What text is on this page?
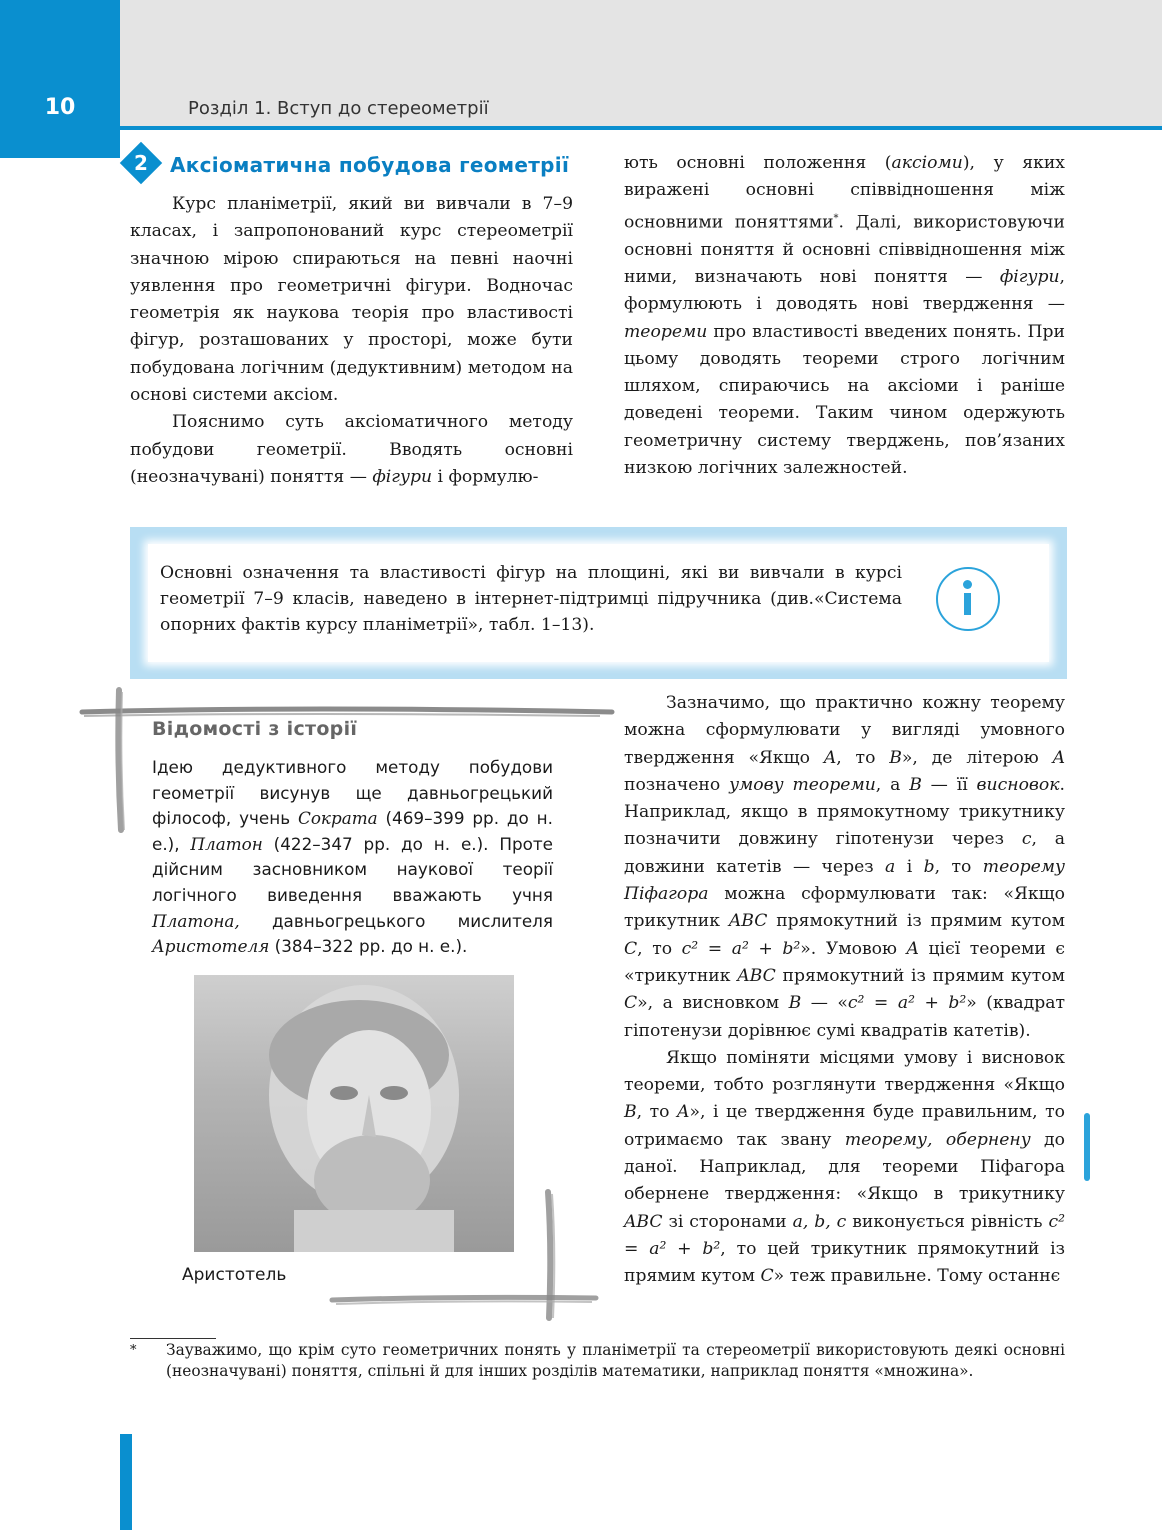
10	Розділ 1. Вступ до стереометрії
2	Аксіоматична побудова геометрії

Курс планіметрії, який ви вивчали в 7–9 класах, і запропонований курс стереометрії значною мірою спираються на певні наочні уявлення про геометричні фігури. Водночас геометрія як наукова теорія про властивості фігур, розташованих у просторі, може бути побудована логічним (дедуктивним) методом на основі системи аксіом.

Пояснимо суть аксіоматичного методу побудови геометрії. Вводять основні (неозначувані) поняття — фігури і формулю-

ють основні положення (аксіоми), у яких виражені основні співвідношення між основними поняттями*. Далі, використовуючи основні поняття й основні співвідношення між ними, визначають нові поняття — фігури, формулюють і доводять нові твердження — теореми про властивості введених понять. При цьому доводять теореми строго логічним шляхом, спираючись на аксіоми і раніше доведені теореми. Таким чином одержують геометричну систему тверджень, пов’язаних низкою логічних залежностей.

Основні означення та властивості фігур на площині, які ви вивчали в курсі геометрії 7–9 класів, наведено в інтернет-підтримці підручника (див.«Система опорних фактів курсу планіметрії», табл. 1–13).
Відомості з історії
Ідею дедуктивного методу побудови геометрії висунув ще давньогрецький філософ, учень Сократа (469–399 рр. до н. е.), Платон (422–347 рр. до н. е.). Проте дійсним засновником наукової теорії логічного виведення вважають учня Платона, давньогрецького мислителя Аристотеля (384–322 рр. до н. е.).
Аристотель

Зазначимо, що практично кожну теорему можна сформулювати у вигляді умовного твердження «Якщо A, то B», де літерою A позначено умову теореми, а B — її висновок. Наприклад, якщо в прямокутному трикутнику позначити довжину гіпотенузи через c, а довжини катетів — через a і b, то теорему Піфагора можна сформулювати так: «Якщо трикутник ABC прямокутний із прямим кутом C, то c² = a² + b²». Умовою A цієї теореми є «трикутник ABC прямокутний із прямим кутом C», а висновком B — «c² = a² + b²» (квадрат гіпотенузи дорівнює сумі квадратів катетів).

Якщо поміняти місцями умову і висновок теореми, тобто розглянути твердження «Якщо B, то A», і це твердження буде правильним, то отримаємо так звану теорему, обернену до даної. Наприклад, для теореми Піфагора обернене твердження: «Якщо в трикутнику ABC зі сторонами a, b, c виконується рівність c² = a² + b², то цей трикутник прямокутний із прямим кутом C» теж правильне. Тому останнє

* Зауважимо, що крім суто геометричних понять у планіметрії та стереометрії використовують деякі основні (неозначувані) поняття, спільні й для інших розділів математики, наприклад поняття «множина».
